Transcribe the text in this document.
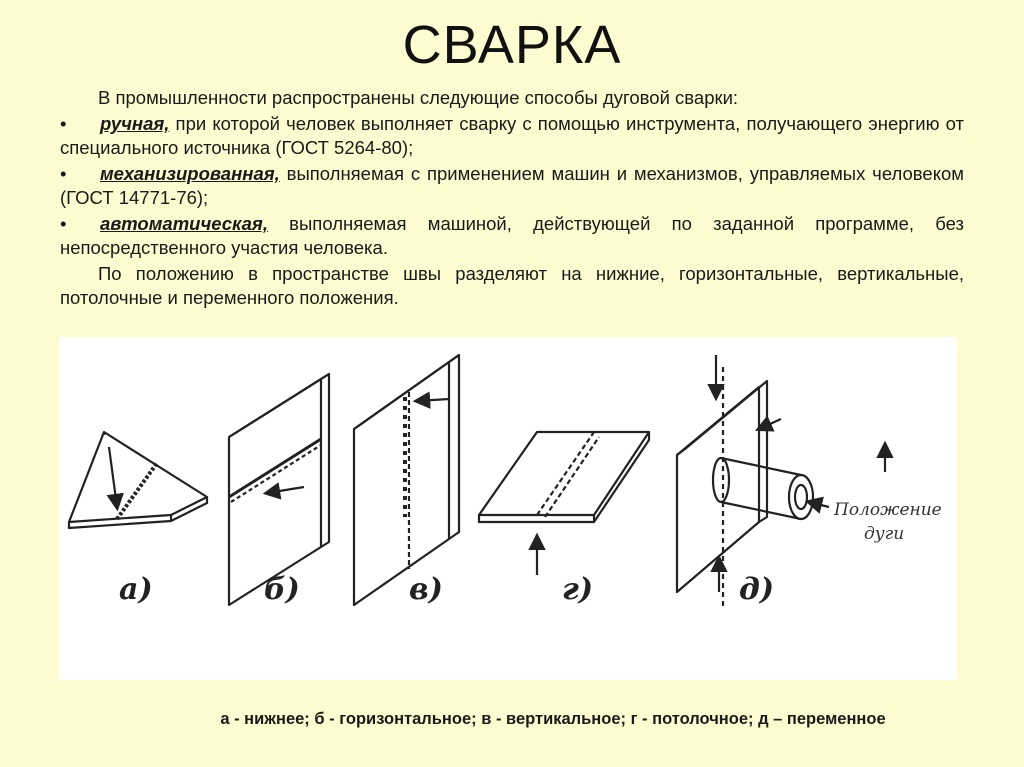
СВАРКА

В промышленности распространены следующие способы дуговой сварки:

•	ручная, при которой человек выполняет сварку с помощью инструмента, получающего энергию от специального источника (ГОСТ 5264-80);
•	механизированная, выполняемая с применением машин и механизмов, управляемых человеком (ГОСТ 14771-76);
•	автоматическая, выполняемая машиной, действующей по заданной программе, без непосредственного участия человека.

По положению в пространстве швы разделяют на нижние, горизонтальные, вертикальные, потолочные и переменного положения.

а)	б)	в)	г)	д)
Положение
дуги
а - нижнее; б - горизонтальное; в - вертикальное; г - потолочное; д – переменное
